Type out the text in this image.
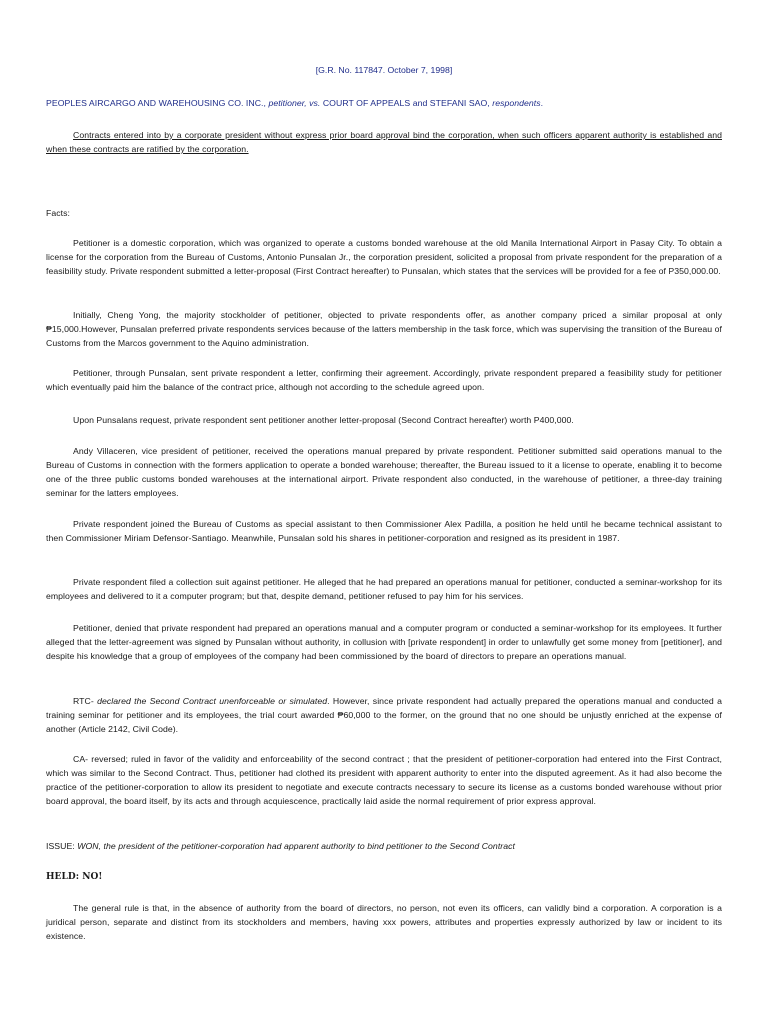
[G.R. No. 117847. October 7, 1998]

PEOPLES AIRCARGO AND WAREHOUSING CO. INC., petitioner, vs. COURT OF APPEALS and STEFANI SAO, respondents.

Contracts entered into by a corporate president without express prior board approval bind the corporation, when such officers apparent authority is established and when these contracts are ratified by the corporation.

Facts:

Petitioner is a domestic corporation, which was organized to operate a customs bonded warehouse at the old Manila International Airport in Pasay City. To obtain a license for the corporation from the Bureau of Customs, Antonio Punsalan Jr., the corporation president, solicited a proposal from private respondent for the preparation of a feasibility study. Private respondent submitted a letter-proposal (First Contract hereafter) to Punsalan, which states that the services will be provided for a fee of P350,000.00.

Initially, Cheng Yong, the majority stockholder of petitioner, objected to private respondents offer, as another company priced a similar proposal at only ₱15,000.However, Punsalan preferred private respondents services because of the latters membership in the task force, which was supervising the transition of the Bureau of Customs from the Marcos government to the Aquino administration.

Petitioner, through Punsalan, sent private respondent a letter, confirming their agreement. Accordingly, private respondent prepared a feasibility study for petitioner which eventually paid him the balance of the contract price, although not according to the schedule agreed upon.

Upon Punsalans request, private respondent sent petitioner another letter-proposal (Second Contract hereafter) worth P400,000.

Andy Villaceren, vice president of petitioner, received the operations manual prepared by private respondent. Petitioner submitted said operations manual to the Bureau of Customs in connection with the formers application to operate a bonded warehouse; thereafter, the Bureau issued to it a license to operate, enabling it to become one of the three public customs bonded warehouses at the international airport. Private respondent also conducted, in the warehouse of petitioner, a three-day training seminar for the latters employees.

Private respondent joined the Bureau of Customs as special assistant to then Commissioner Alex Padilla, a position he held until he became technical assistant to then Commissioner Miriam Defensor-Santiago. Meanwhile, Punsalan sold his shares in petitioner-corporation and resigned as its president in 1987.

Private respondent filed a collection suit against petitioner. He alleged that he had prepared an operations manual for petitioner, conducted a seminar-workshop for its employees and delivered to it a computer program; but that, despite demand, petitioner refused to pay him for his services.

Petitioner, denied that private respondent had prepared an operations manual and a computer program or conducted a seminar-workshop for its employees. It further alleged that the letter-agreement was signed by Punsalan without authority, in collusion with [private respondent] in order to unlawfully get some money from [petitioner], and despite his knowledge that a group of employees of the company had been commissioned by the board of directors to prepare an operations manual.

RTC- declared the Second Contract unenforceable or simulated. However, since private respondent had actually prepared the operations manual and conducted a training seminar for petitioner and its employees, the trial court awarded ₱60,000 to the former, on the ground that no one should be unjustly enriched at the expense of another (Article 2142, Civil Code).

CA- reversed; ruled in favor of the validity and enforceability of the second contract ; that the president of petitioner-corporation had entered into the First Contract, which was similar to the Second Contract. Thus, petitioner had clothed its president with apparent authority to enter into the disputed agreement. As it had also become the practice of the petitioner-corporation to allow its president to negotiate and execute contracts necessary to secure its license as a customs bonded warehouse without prior board approval, the board itself, by its acts and through acquiescence, practically laid aside the normal requirement of prior express approval.

ISSUE: WON, the president of the petitioner-corporation had apparent authority to bind petitioner to the Second Contract

HELD: NO!

The general rule is that, in the absence of authority from the board of directors, no person, not even its officers, can validly bind a corporation. A corporation is a juridical person, separate and distinct from its stockholders and members, having xxx powers, attributes and properties expressly authorized by law or incident to its existence.
